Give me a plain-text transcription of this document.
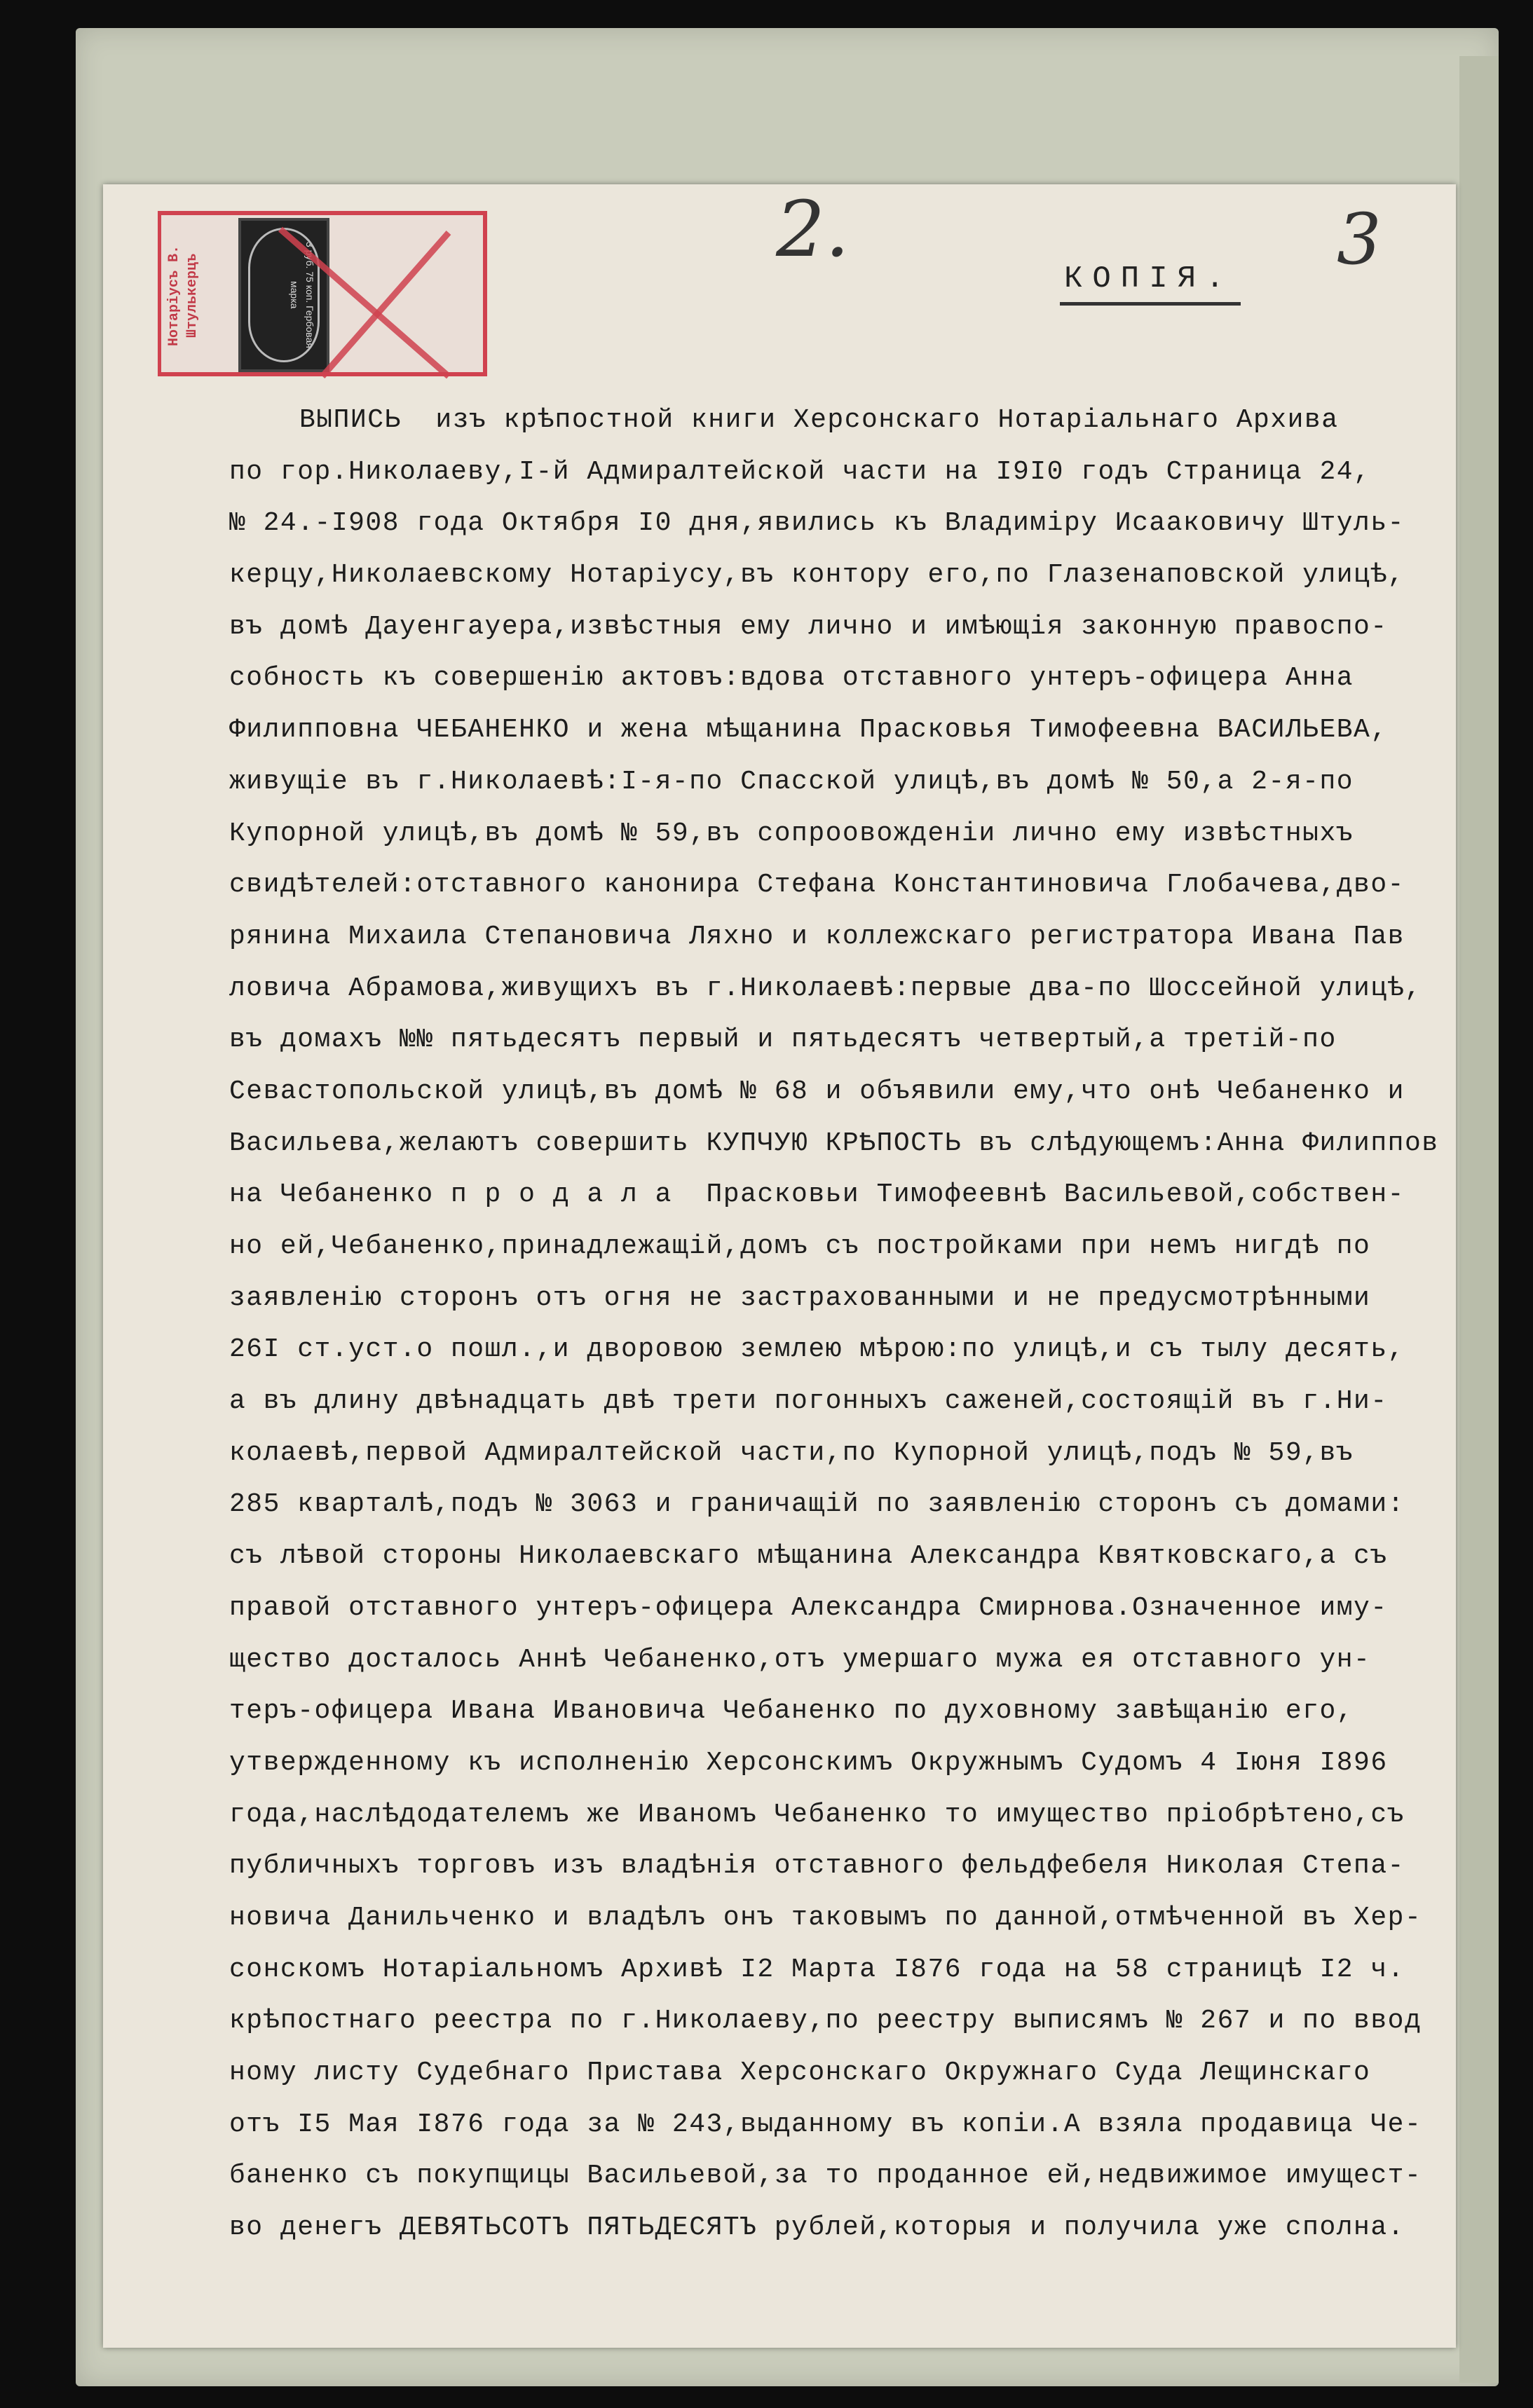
Нотаріусъ В. Штулькерцъ	3 руб. 75 коп. Гербовая марка
2.	3
КОПІЯ.
ВЫПИСЬ  изъ крѣпостной книги Херсонскаго Нотаріальнаго Архива
по гор.Николаеву,I-й Адмиралтейской части на I9I0 годъ Страница 24,
№ 24.-I908 года Октября I0 дня,явились къ Владиміру Исааковичу Штуль-
керцу,Николаевскому Нотаріусу,въ контору его,по Глазенаповской улицѣ,
въ домѣ Дауенгауера,извѣстныя ему лично и имѣющія законную правоспо-
собность къ совершенію актовъ:вдова отставного унтеръ-офицера Анна
Филипповна ЧЕБАНЕНКО и жена мѣщанина Прасковья Тимофеевна ВАСИЛЬЕВА,
живущіе въ г.Николаевѣ:I-я-по Спасской улицѣ,въ домѣ № 50,а 2-я-по
Купорной улицѣ,въ домѣ № 59,въ сопроовожденіи лично ему извѣстныхъ
свидѣтелей:отставного канонира Стефана Константиновича Глобачева,дво-
рянина Михаила Степановича Ляхно и коллежскаго регистратора Ивана Пав
ловича Абрамова,живущихъ въ г.Николаевѣ:первые два-по Шоссейной улицѣ,
въ домахъ №№ пятьдесятъ первый и пятьдесятъ четвертый,а третій-по
Севастопольской улицѣ,въ домѣ № 68 и объявили ему,что онѣ Чебаненко и
Васильева,желаютъ совершить КУПЧУЮ КРѢПОСТЬ въ слѣдующемъ:Анна Филиппов
на Чебаненко п р о д а л а  Прасковьи Тимофеевнѣ Васильевой,собствен-
но ей,Чебаненко,принадлежащій,домъ съ постройками при немъ нигдѣ по
заявленію сторонъ отъ огня не застрахованными и не предусмотрѣнными
26I ст.уст.о пошл.,и дворовою землею мѣрою:по улицѣ,и съ тылу десять,
а въ длину двѣнадцать двѣ трети погонныхъ саженей,состоящій въ г.Ни-
колаевѣ,первой Адмиралтейской части,по Купорной улицѣ,подъ № 59,въ
285 кварталѣ,подъ № 3063 и граничащій по заявленію сторонъ съ домами:
съ лѣвой стороны Николаевскаго мѣщанина Александра Квятковскаго,а съ
правой отставного унтеръ-офицера Александра Смирнова.Означенное иму-
щество досталось Аннѣ Чебаненко,отъ умершаго мужа ея отставного ун-
теръ-офицера Ивана Ивановича Чебаненко по духовному завѣщанію его,
утвержденному къ исполненію Херсонскимъ Окружнымъ Судомъ 4 Іюня I896
года,наслѣдодателемъ же Иваномъ Чебаненко то имущество пріобрѣтено,съ
публичныхъ торговъ изъ владѣнія отставного фельдфебеля Николая Степа-
новича Данильченко и владѣлъ онъ таковымъ по данной,отмѣченной въ Хер-
сонскомъ Нотаріальномъ Архивѣ I2 Марта I876 года на 58 страницѣ I2 ч.
крѣпостнаго реестра по г.Николаеву,по реестру выписямъ № 267 и по ввод
ному листу Судебнаго Пристава Херсонскаго Окружнаго Суда Лещинскаго
отъ I5 Мая I876 года за № 243,выданному въ копіи.А взяла продавица Че-
баненко съ покупщицы Васильевой,за то проданное ей,недвижимое имущест-
во денегъ ДЕВЯТЬСОТЪ ПЯТЬДЕСЯТЪ рублей,которыя и получила уже сполна.
